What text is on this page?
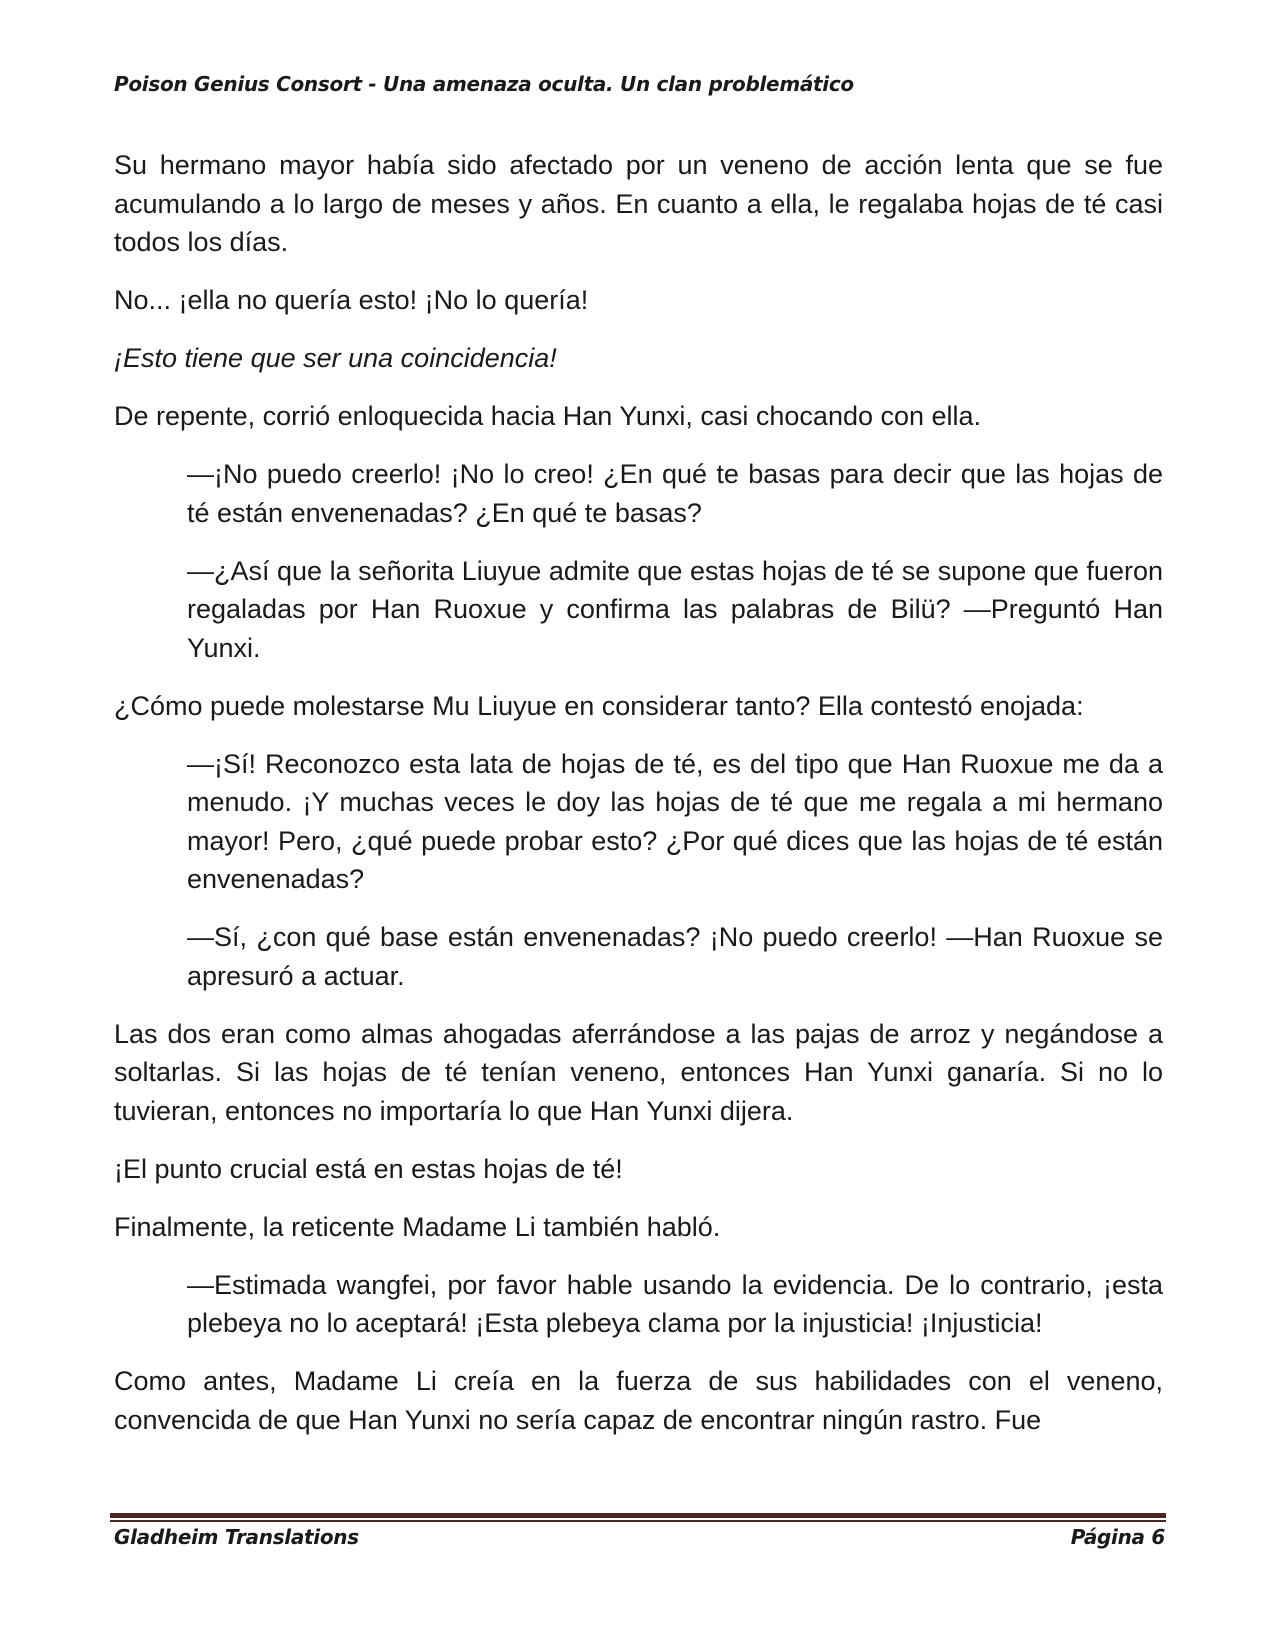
Poison Genius Consort - Una amenaza oculta. Un clan problemático

Su hermano mayor había sido afectado por un veneno de acción lenta que se fue acumulando a lo largo de meses y años. En cuanto a ella, le regalaba hojas de té casi todos los días.

No... ¡ella no quería esto! ¡No lo quería!

¡Esto tiene que ser una coincidencia!

De repente, corrió enloquecida hacia Han Yunxi, casi chocando con ella.

—¡No puedo creerlo! ¡No lo creo! ¿En qué te basas para decir que las hojas de té están envenenadas? ¿En qué te basas?

—¿Así que la señorita Liuyue admite que estas hojas de té se supone que fueron regaladas por Han Ruoxue y confirma las palabras de Bilü? —Preguntó Han Yunxi.

¿Cómo puede molestarse Mu Liuyue en considerar tanto? Ella contestó enojada:

—¡Sí! Reconozco esta lata de hojas de té, es del tipo que Han Ruoxue me da a menudo. ¡Y muchas veces le doy las hojas de té que me regala a mi hermano mayor! Pero, ¿qué puede probar esto? ¿Por qué dices que las hojas de té están envenenadas?

—Sí, ¿con qué base están envenenadas? ¡No puedo creerlo! —Han Ruoxue se apresuró a actuar.

Las dos eran como almas ahogadas aferrándose a las pajas de arroz y negándose a soltarlas. Si las hojas de té tenían veneno, entonces Han Yunxi ganaría. Si no lo tuvieran, entonces no importaría lo que Han Yunxi dijera.

¡El punto crucial está en estas hojas de té!

Finalmente, la reticente Madame Li también habló.

—Estimada wangfei, por favor hable usando la evidencia. De lo contrario, ¡esta plebeya no lo aceptará! ¡Esta plebeya clama por la injusticia! ¡Injusticia!

Como antes, Madame Li creía en la fuerza de sus habilidades con el veneno, convencida de que Han Yunxi no sería capaz de encontrar ningún rastro. Fue

Gladheim Translations	Página 6
